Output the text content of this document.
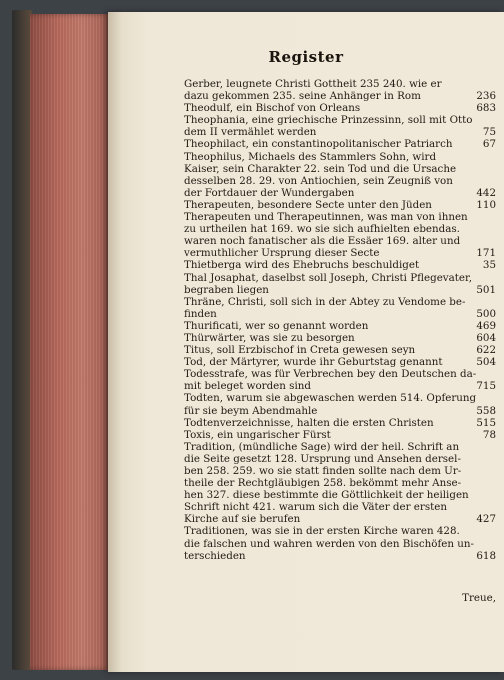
Register
Gerber, leugnete Christi Gottheit 235 240. wie er
dazu gekommen 235. seine Anhänger in Rom	236
Theodulf, ein Bischof von Orleans	683
Theophania, eine griechische Prinzessinn, soll mit Otto
dem II vermählet werden	75
Theophilact, ein constantinopolitanischer Patriarch	67
Theophilus, Michaels des Stammlers Sohn, wird
Kaiser, sein Charakter 22. sein Tod und die Ursache
desselben 28. 29. von Antiochien, sein Zeugniß von
der Fortdauer der Wundergaben	442
Therapeuten, besondere Secte unter den Jüden	110
Therapeuten und Therapeutinnen, was man von ihnen
zu urtheilen hat 169. wo sie sich aufhielten ebendas.
waren noch fanatischer als die Essäer 169. alter und
vermuthlicher Ursprung dieser Secte	171
Thietberga wird des Ehebruchs beschuldiget	35
Thal Josaphat, daselbst soll Joseph, Christi Pflegevater,
begraben liegen	501
Thräne, Christi, soll sich in der Abtey zu Vendome be-
finden	500
Thurificati, wer so genannt worden	469
Thürwärter, was sie zu besorgen	604
Titus, soll Erzbischof in Creta gewesen seyn	622
Tod, der Märtyrer, wurde ihr Geburtstag genannt	504
Todesstrafe, was für Verbrechen bey den Deutschen da-
mit beleget worden sind	715
Todten, warum sie abgewaschen werden 514. Opferung
für sie beym Abendmahle	558
Todtenverzeichnisse, halten die ersten Christen	515
Toxis, ein ungarischer Fürst	78
Tradition, (mündliche Sage) wird der heil. Schrift an
die Seite gesetzt 128. Ursprung und Ansehen dersel-
ben 258. 259. wo sie statt finden sollte nach dem Ur-
theile der Rechtgläubigen 258. bekömmt mehr Anse-
hen 327. diese bestimmte die Göttlichkeit der heiligen
Schrift nicht 421. warum sich die Väter der ersten
Kirche auf sie berufen	427
Traditionen, was sie in der ersten Kirche waren 428.
die falschen und wahren werden von den Bischöfen un-
terschieden	618
Treue,
